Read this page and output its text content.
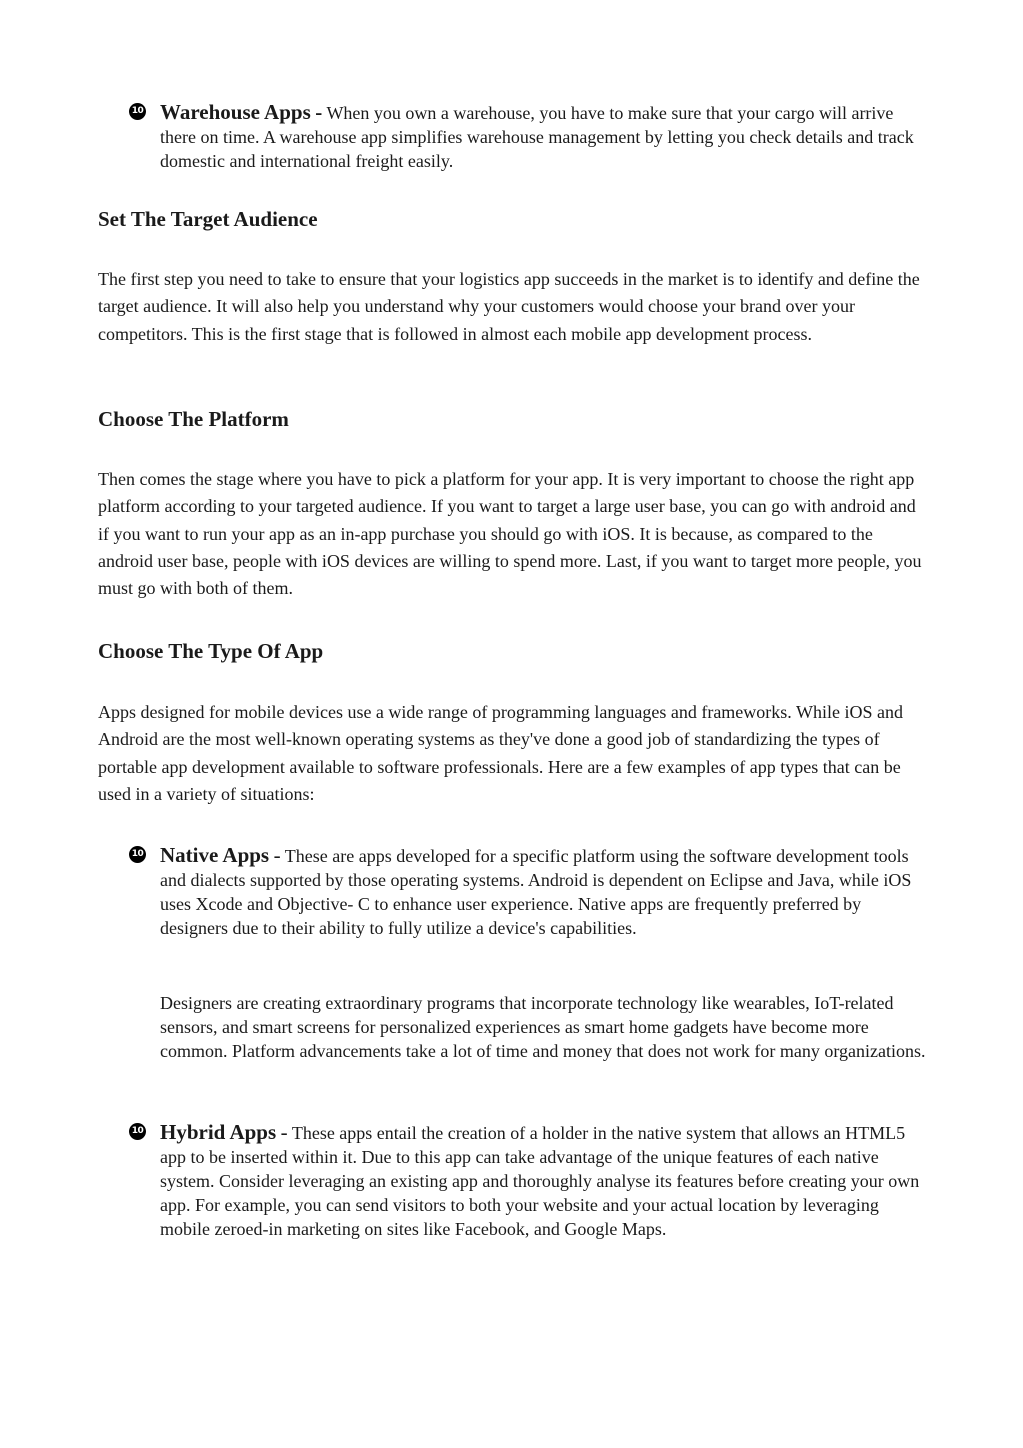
10 Warehouse Apps - When you own a warehouse, you have to make sure that your cargo will arrive there on time. A warehouse app simplifies warehouse management by letting you check details and track domestic and international freight easily.
Set The Target Audience

The first step you need to take to ensure that your logistics app succeeds in the market is to identify and define the target audience. It will also help you understand why your customers would choose your brand over your competitors. This is the first stage that is followed in almost each mobile app development process.

Choose The Platform

Then comes the stage where you have to pick a platform for your app. It is very important to choose the right app platform according to your targeted audience. If you want to target a large user base, you can go with android and if you want to run your app as an in-app purchase you should go with iOS. It is because, as compared to the android user base, people with iOS devices are willing to spend more. Last, if you want to target more people, you must go with both of them.

Choose The Type Of App

Apps designed for mobile devices use a wide range of programming languages and frameworks. While iOS and Android are the most well-known operating systems as they've done a good job of standardizing the types of portable app development available to software professionals. Here are a few examples of app types that can be used in a variety of situations:

10 Native Apps - These are apps developed for a specific platform using the software development tools and dialects supported by those operating systems. Android is dependent on Eclipse and Java, while iOS uses Xcode and Objective- C to enhance user experience. Native apps are frequently preferred by designers due to their ability to fully utilize a device's capabilities.

Designers are creating extraordinary programs that incorporate technology like wearables, IoT-related sensors, and smart screens for personalized experiences as smart home gadgets have become more common. Platform advancements take a lot of time and money that does not work for many organizations.

10 Hybrid Apps - These apps entail the creation of a holder in the native system that allows an HTML5 app to be inserted within it. Due to this app can take advantage of the unique features of each native system. Consider leveraging an existing app and thoroughly analyse its features before creating your own app. For example, you can send visitors to both your website and your actual location by leveraging mobile zeroed-in marketing on sites like Facebook, and Google Maps.
